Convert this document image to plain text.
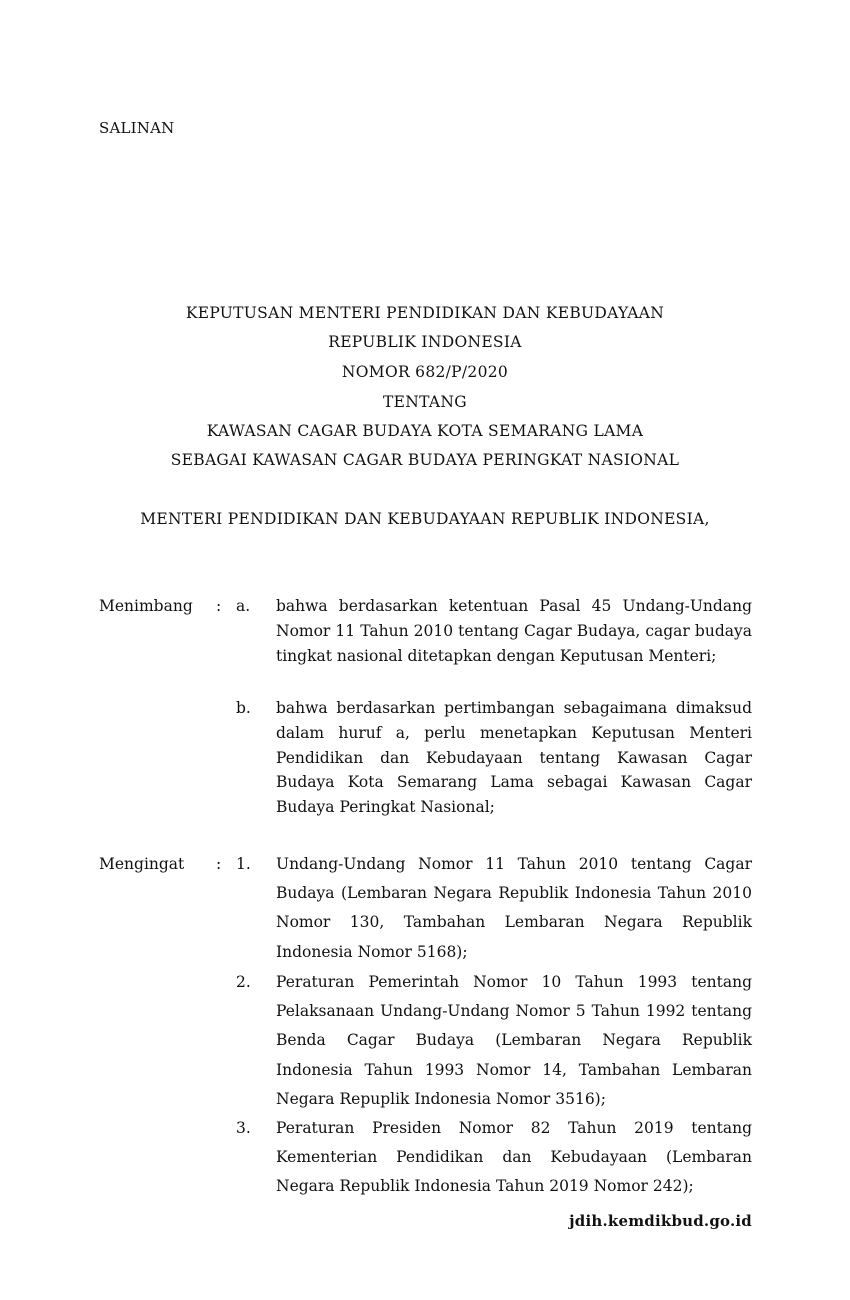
SALINAN
KEPUTUSAN MENTERI PENDIDIKAN DAN KEBUDAYAAN
REPUBLIK INDONESIA
NOMOR 682/P/2020
TENTANG
KAWASAN CAGAR BUDAYA KOTA SEMARANG LAMA
SEBAGAI KAWASAN CAGAR BUDAYA PERINGKAT NASIONAL
MENTERI PENDIDIKAN DAN KEBUDAYAAN REPUBLIK INDONESIA,
Menimbang : a. bahwa berdasarkan ketentuan Pasal 45 Undang-Undang Nomor 11 Tahun 2010 tentang Cagar Budaya, cagar budaya tingkat nasional ditetapkan dengan Keputusan Menteri;
b. bahwa berdasarkan pertimbangan sebagaimana dimaksud dalam huruf a, perlu menetapkan Keputusan Menteri Pendidikan dan Kebudayaan tentang Kawasan Cagar Budaya Kota Semarang Lama sebagai Kawasan Cagar Budaya Peringkat Nasional;
Mengingat : 1. Undang-Undang Nomor 11 Tahun 2010 tentang Cagar Budaya (Lembaran Negara Republik Indonesia Tahun 2010 Nomor 130, Tambahan Lembaran Negara Republik Indonesia Nomor 5168);
2. Peraturan Pemerintah Nomor 10 Tahun 1993 tentang Pelaksanaan Undang-Undang Nomor 5 Tahun 1992 tentang Benda Cagar Budaya (Lembaran Negara Republik Indonesia Tahun 1993 Nomor 14, Tambahan Lembaran Negara Repuplik Indonesia Nomor 3516);
3. Peraturan Presiden Nomor 82 Tahun 2019 tentang Kementerian Pendidikan dan Kebudayaan (Lembaran Negara Republik Indonesia Tahun 2019 Nomor 242);
jdih.kemdikbud.go.id
